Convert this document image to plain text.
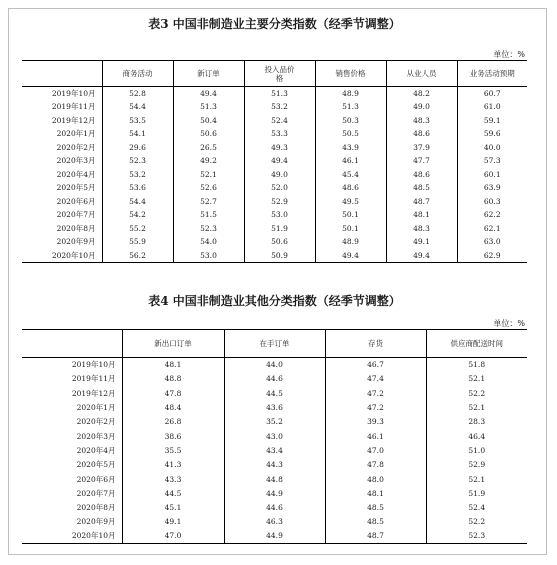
表3 中国非制造业主要分类指数（经季节调整）
单位：%
	商务活动	新订单	投入品价格	销售价格	从业人员	业务活动预期

2019年10月	52.8	49.4	51.3	48.9	48.2	60.7
2019年11月	54.4	51.3	53.2	51.3	49.0	61.0
2019年12月	53.5	50.4	52.4	50.3	48.3	59.1
2020年1月	54.1	50.6	53.3	50.5	48.6	59.6
2020年2月	29.6	26.5	49.3	43.9	37.9	40.0
2020年3月	52.3	49.2	49.4	46.1	47.7	57.3
2020年4月	53.2	52.1	49.0	45.4	48.6	60.1
2020年5月	53.6	52.6	52.0	48.6	48.5	63.9
2020年6月	54.4	52.7	52.9	49.5	48.7	60.3
2020年7月	54.2	51.5	53.0	50.1	48.1	62.2
2020年8月	55.2	52.3	51.9	50.1	48.3	62.1
2020年9月	55.9	54.0	50.6	48.9	49.1	63.0
2020年10月	56.2	53.0	50.9	49.4	49.4	62.9
表4 中国非制造业其他分类指数（经季节调整）
单位：%
	新出口订单	在手订单	存货	供应商配送时间
2019年10月	48.1	44.0	46.7	51.8
2019年11月	48.8	44.6	47.4	52.1
2019年12月	47.8	44.5	47.2	52.2
2020年1月	48.4	43.6	47.2	52.1
2020年2月	26.8	35.2	39.3	28.3
2020年3月	38.6	43.0	46.1	46.4
2020年4月	35.5	43.4	47.0	51.0
2020年5月	41.3	44.3	47.8	52.9
2020年6月	43.3	44.8	48.0	52.1
2020年7月	44.5	44.9	48.1	51.9
2020年8月	45.1	44.6	48.5	52.4
2020年9月	49.1	46.3	48.5	52.2
2020年10月	47.0	44.9	48.7	52.3
